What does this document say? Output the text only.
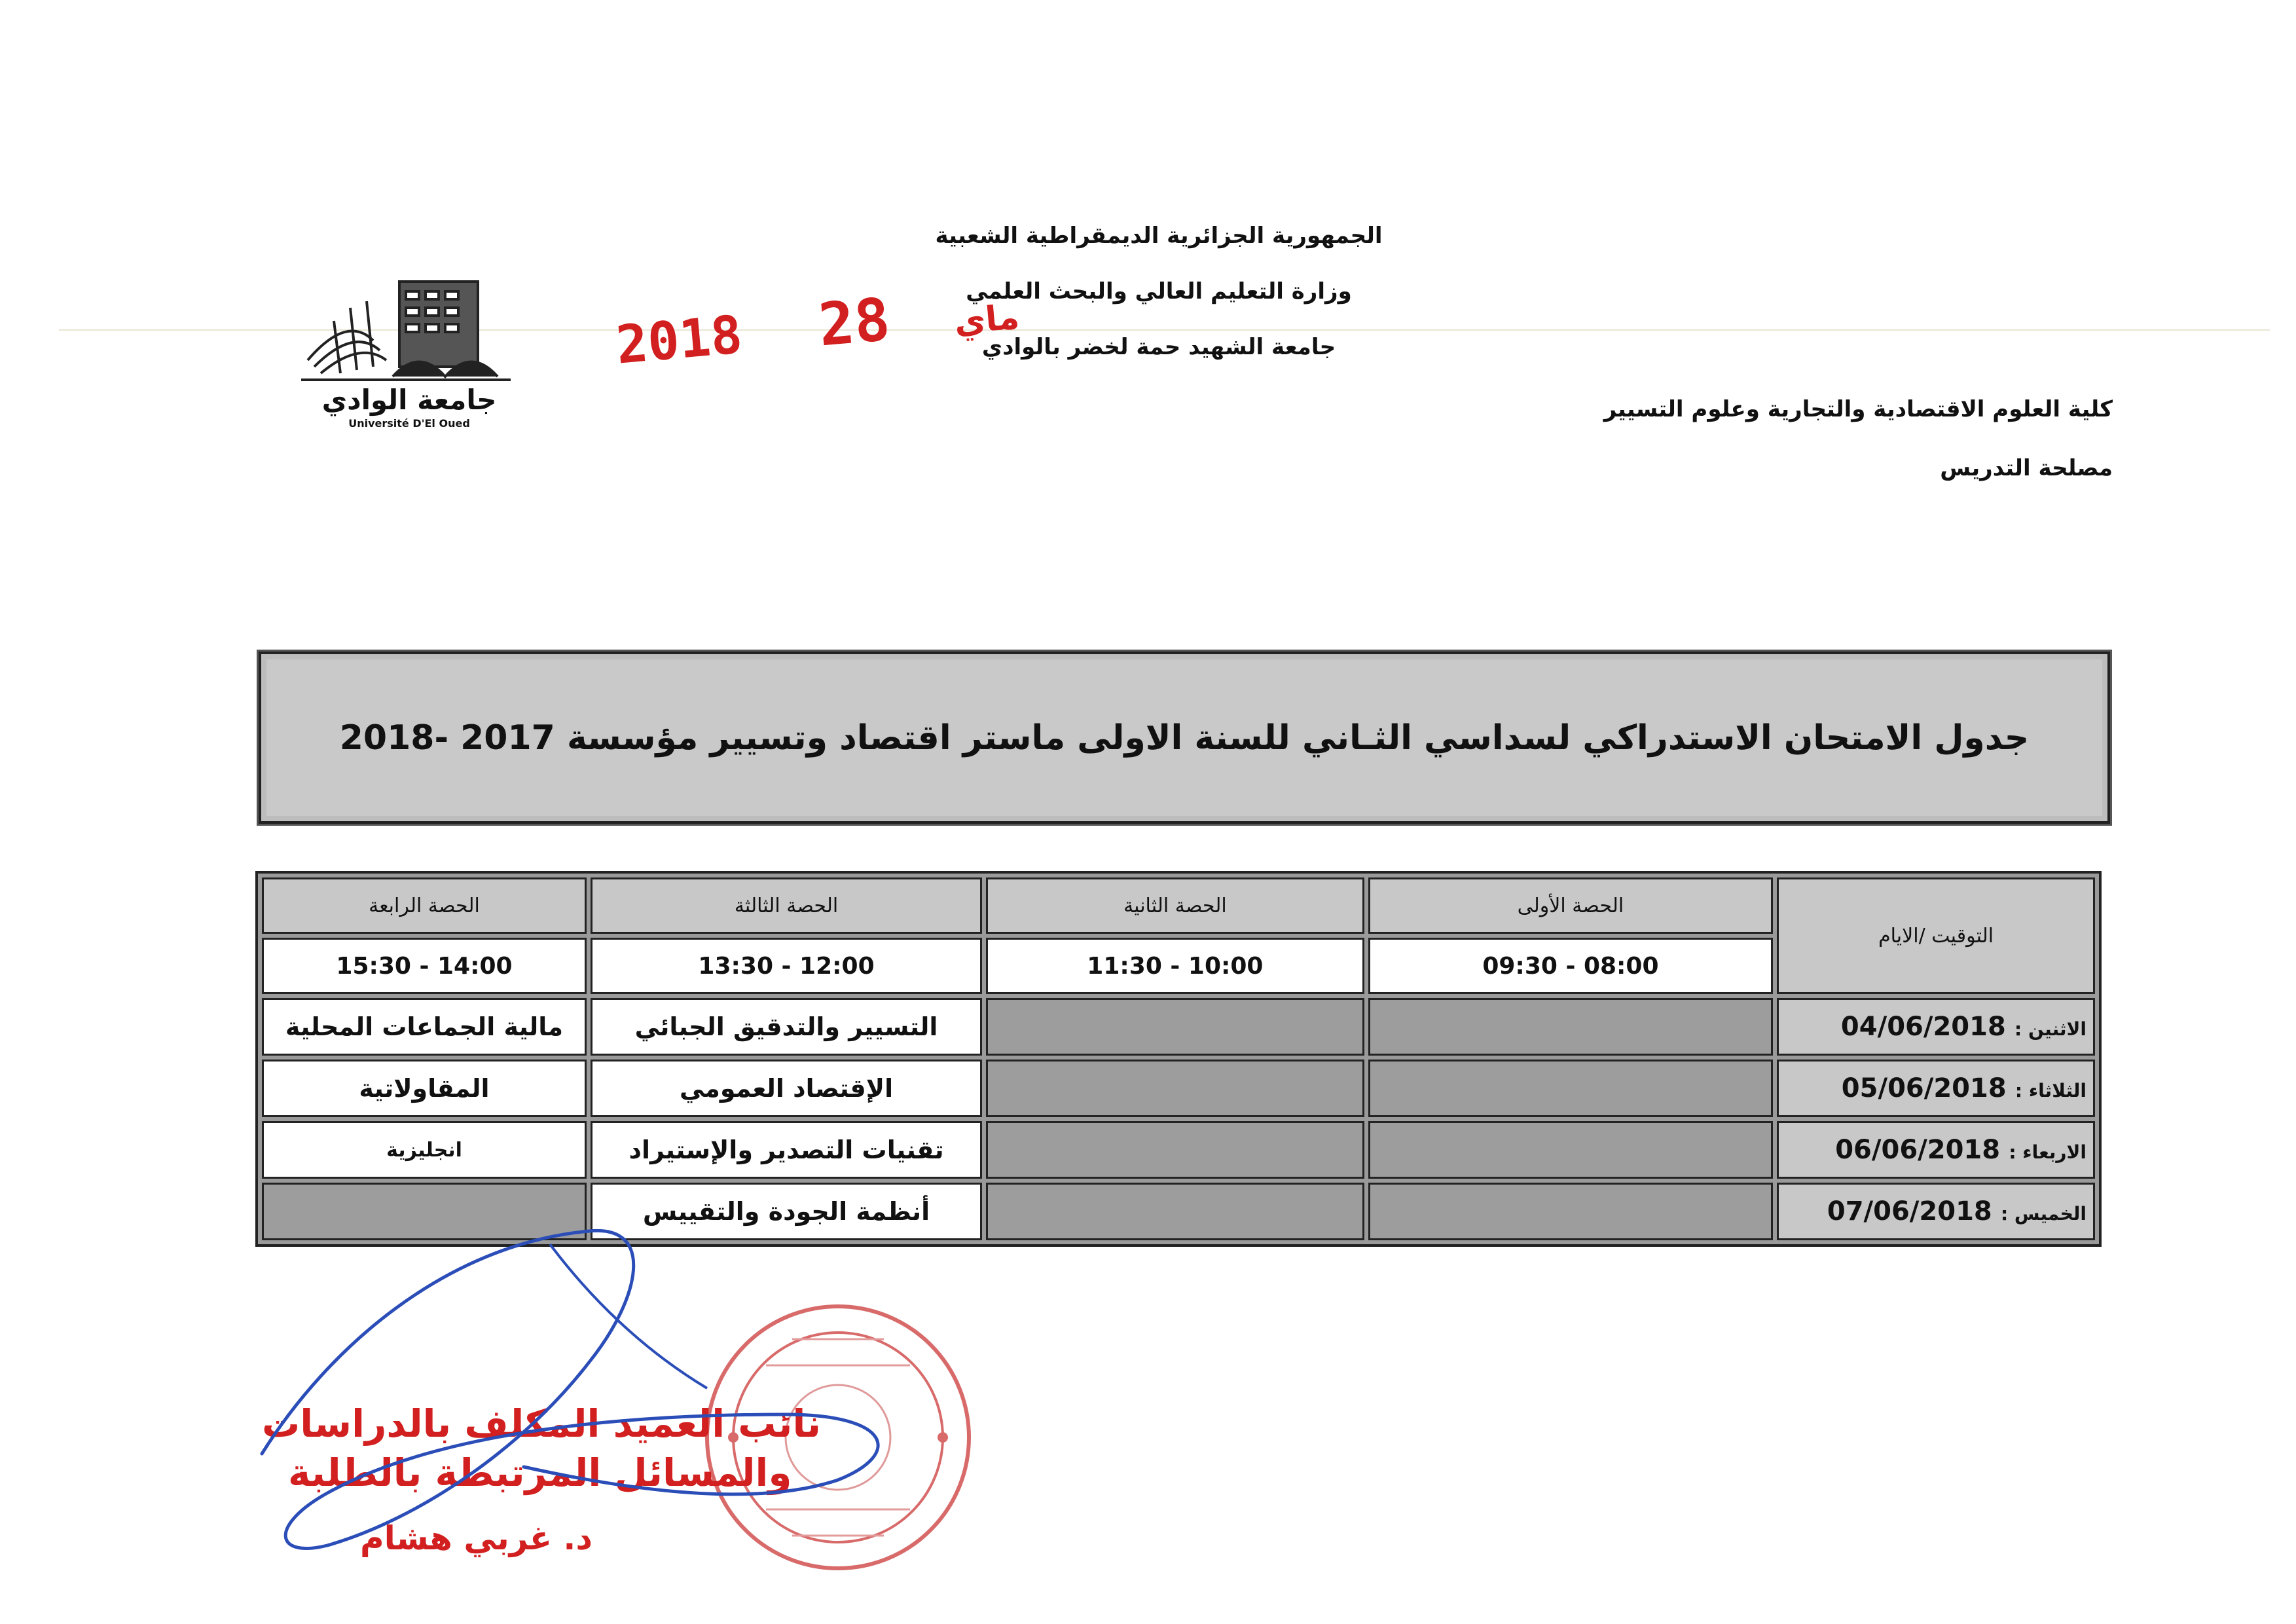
الجمهورية الجزائرية الديمقراطية الشعبية
وزارة التعليم العالي والبحث العلمي
جامعة الشهيد حمة لخضر بالوادي
كلية العلوم الاقتصادية والتجارية وعلوم التسيير
مصلحة التدريس
جامعة الوادي
Université D'El Oued
2018	ماي 28
جدول الامتحان الاستدراكي لسداسي الثـاني للسنة الاولى ماستر اقتصاد وتسيير مؤسسة 2017 -2018
الحصة الرابعة	الحصة الثالثة	الحصة الثانية	الحصة الأولى	التوقيت /الايام
14:00 - 15:30	12:00 - 13:30	10:00 - 11:30	08:00 - 09:30	
مالية الجماعات المحلية	التسيير والتدقيق الجبائي			الاثنين : 04/06/2018
المقاولاتية	الإقتصاد العمومي			الثلاثاء : 05/06/2018
انجليزية	تقنيات التصدير والإستيراد			الاربعاء : 06/06/2018
	أنظمة الجودة والتقييس			الخميس : 07/06/2018
نائب العميد المكلف بالدراسات
والمسائل المرتبطة بالطلبة
د. غربي هشام
